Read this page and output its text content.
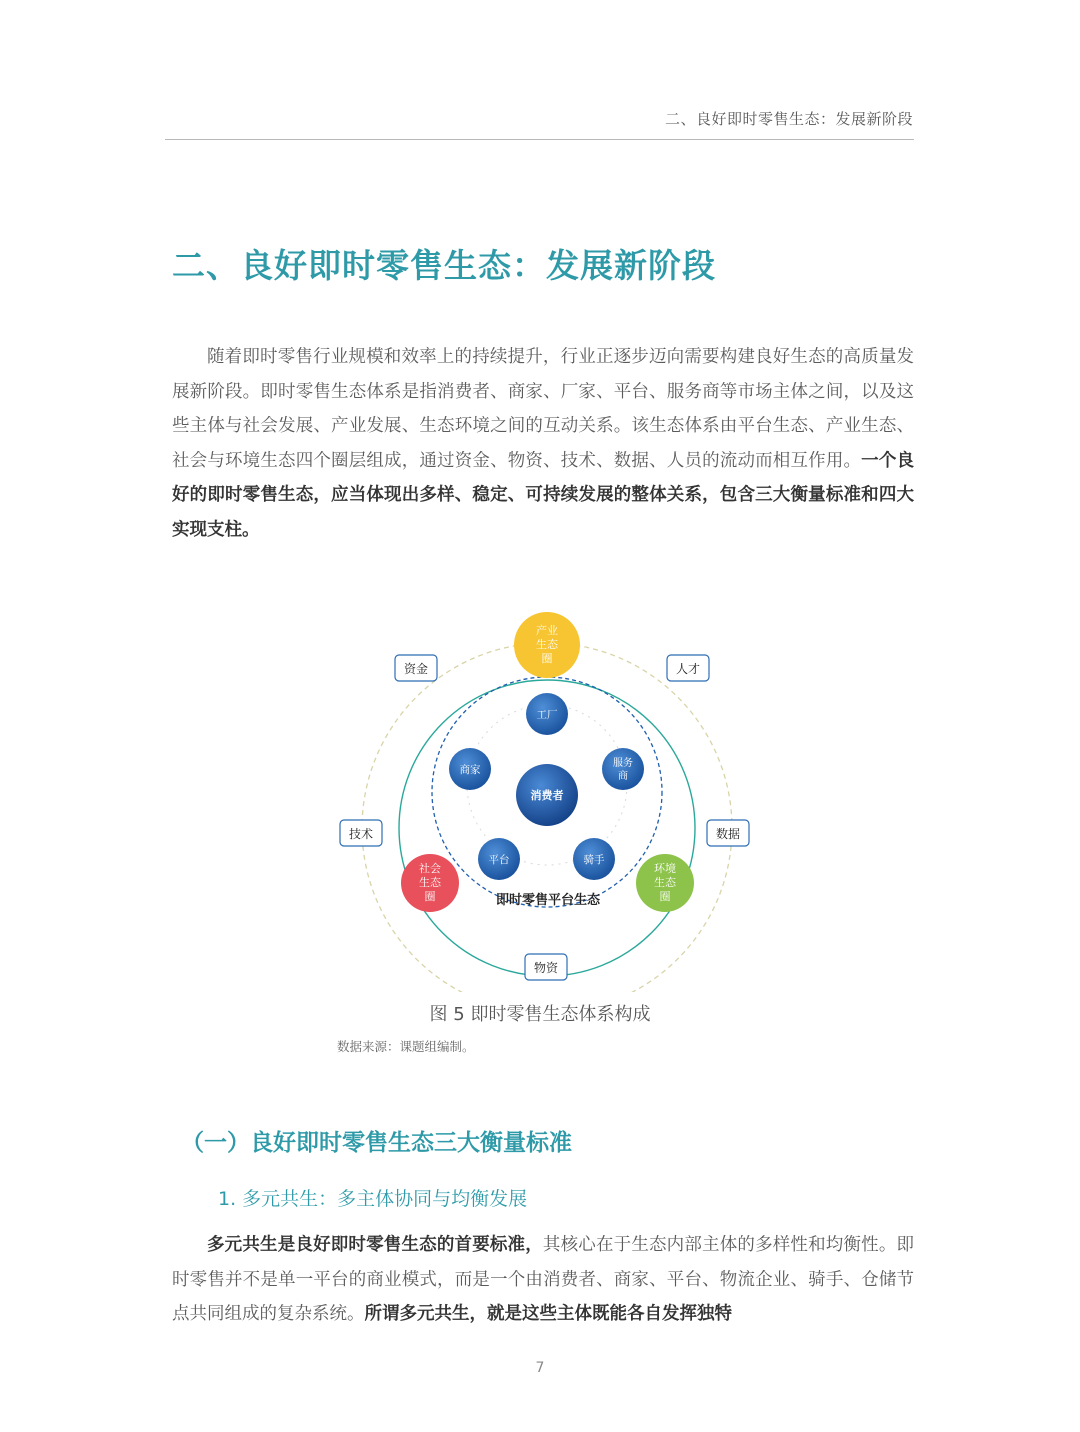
二、良好即时零售生态：发展新阶段
二、良好即时零售生态：发展新阶段

随着即时零售行业规模和效率上的持续提升，行业正逐步迈向需要构建良好生态的高质量发展新阶段。即时零售生态体系是指消费者、商家、厂家、平台、服务商等市场主体之间，以及这些主体与社会发展、产业发展、生态环境之间的互动关系。该生态体系由平台生态、产业生态、社会与环境生态四个圈层组成，通过资金、物资、技术、数据、人员的流动而相互作用。一个良好的即时零售生态，应当体现出多样、稳定、可持续发展的整体关系，包含三大衡量标准和四大实现支柱。

产业
生态
圈
社会
生态
圈
环境
生态
圈
工厂
服务
商
骑手
平台
商家
消费者
即时零售平台生态
资金	人才
技术	数据
物资
图 5 即时零售生态体系构成
数据来源：课题组编制。
（一）良好即时零售生态三大衡量标准
1. 多元共生：多主体协同与均衡发展

多元共生是良好即时零售生态的首要标准，其核心在于生态内部主体的多样性和均衡性。即时零售并不是单一平台的商业模式，而是一个由消费者、商家、平台、物流企业、骑手、仓储节点共同组成的复杂系统。所谓多元共生，就是这些主体既能各自发挥独特

7
